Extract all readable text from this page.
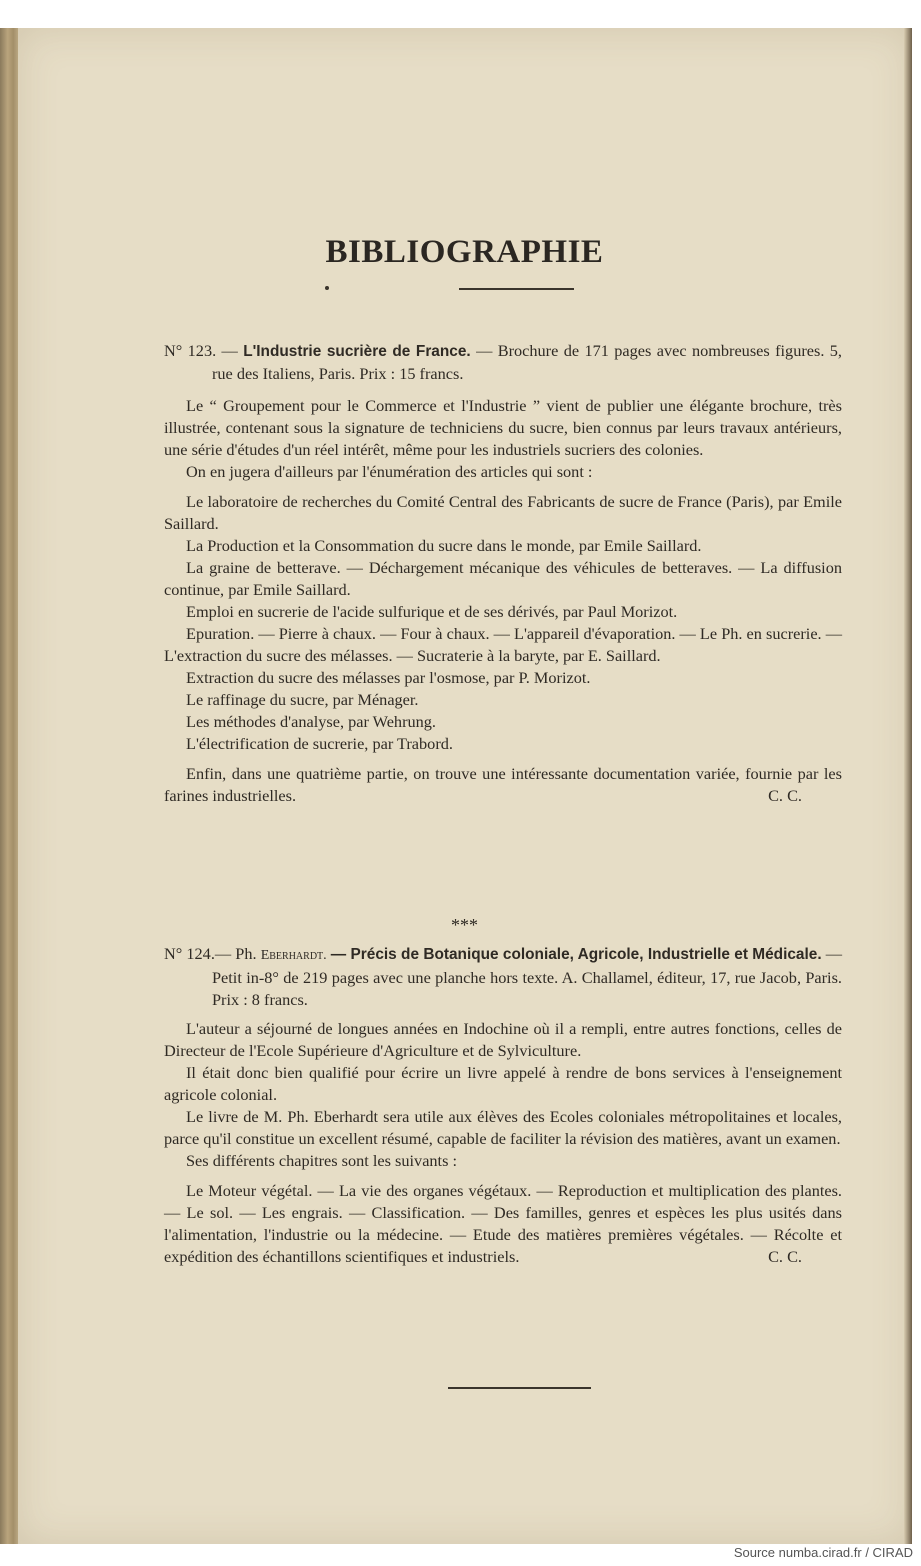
BIBLIOGRAPHIE
N° 123. — L'Industrie sucrière de France. — Brochure de 171 pages avec nombreuses figures. 5, rue des Italiens, Paris. Prix : 15 francs.

Le “ Groupement pour le Commerce et l'Industrie ” vient de publier une élégante brochure, très illustrée, contenant sous la signature de techniciens du sucre, bien connus par leurs travaux antérieurs, une série d'études d'un réel intérêt, même pour les industriels sucriers des colonies.

On en jugera d'ailleurs par l'énumération des articles qui sont :

Le laboratoire de recherches du Comité Central des Fabricants de sucre de France (Paris), par Emile Saillard.

La Production et la Consommation du sucre dans le monde, par Emile Saillard.

La graine de betterave. — Déchargement mécanique des véhicules de betteraves. — La diffusion continue, par Emile Saillard.

Emploi en sucrerie de l'acide sulfurique et de ses dérivés, par Paul Morizot.

Epuration. — Pierre à chaux. — Four à chaux. — L'appareil d'évaporation. — Le Ph. en sucrerie. — L'extraction du sucre des mélasses. — Sucraterie à la baryte, par E. Saillard.

Extraction du sucre des mélasses par l'osmose, par P. Morizot.

Le raffinage du sucre, par Ménager.

Les méthodes d'analyse, par Wehrung.

L'électrification de sucrerie, par Trabord.

Enfin, dans une quatrième partie, on trouve une intéressante documentation variée, fournie par les farines industrielles.	C. C.

***
N° 124.— Ph. Eberhardt. — Précis de Botanique coloniale, Agricole, Industrielle et Médicale. — Petit in-8° de 219 pages avec une planche hors texte. A. Challamel, éditeur, 17, rue Jacob, Paris. Prix : 8 francs.

L'auteur a séjourné de longues années en Indochine où il a rempli, entre autres fonctions, celles de Directeur de l'Ecole Supérieure d'Agriculture et de Sylviculture.

Il était donc bien qualifié pour écrire un livre appelé à rendre de bons services à l'enseignement agricole colonial.

Le livre de M. Ph. Eberhardt sera utile aux élèves des Ecoles coloniales métropolitaines et locales, parce qu'il constitue un excellent résumé, capable de faciliter la révision des matières, avant un examen.

Ses différents chapitres sont les suivants :

Le Moteur végétal. — La vie des organes végétaux. — Reproduction et multiplication des plantes. — Le sol. — Les engrais. — Classification. — Des familles, genres et espèces les plus usités dans l'alimentation, l'industrie ou la médecine. — Etude des matières premières végétales. — Récolte et expédition des échantillons scientifiques et industriels.	C. C.

Source numba.cirad.fr / CIRAD
